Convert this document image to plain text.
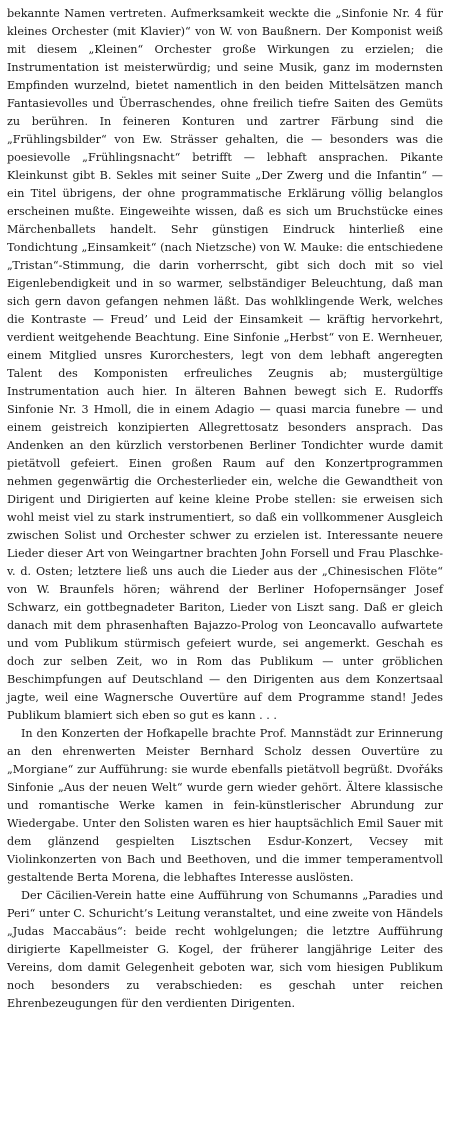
bekannte Namen vertreten. Aufmerksamkeit weckte die „Sinfonie Nr. 4 für kleines Orchester (mit Klavier)“ von W. von Baußnern. Der Komponist weiß mit diesem „Kleinen“ Orchester große Wirkungen zu erzielen; die Instrumentation ist meisterwürdig; und seine Musik, ganz im modernsten Empfinden wurzelnd, bietet namentlich in den beiden Mittelsätzen manch Fantasievolles und Überraschendes, ohne freilich tiefre Saiten des Gemüts zu berühren. In feineren Konturen und zartrer Färbung sind die „Frühlingsbilder“ von Ew. Strässer gehalten, die — besonders was die poesievolle „Frühlingsnacht“ betrifft — lebhaft ansprachen. Pikante Kleinkunst gibt B. Sekles mit seiner Suite „Der Zwerg und die Infantin“ — ein Titel übrigens, der ohne programmatische Erklärung völlig belanglos erscheinen mußte. Eingeweihte wissen, daß es sich um Bruchstücke eines Märchenballets handelt. Sehr günstigen Eindruck hinterließ eine Tondichtung „Einsamkeit“ (nach Nietzsche) von W. Mauke: die entschiedene „Tristan“-Stimmung, die darin vorherrscht, gibt sich doch mit so viel Eigenlebendigkeit und in so warmer, selbständiger Beleuchtung, daß man sich gern davon gefangen nehmen läßt. Das wohlklingende Werk, welches die Kontraste — Freud’ und Leid der Einsamkeit — kräftig hervorkehrt, verdient weitgehende Beachtung. Eine Sinfonie „Herbst“ von E. Wernheuer, einem Mitglied unsres Kurorchesters, legt von dem lebhaft angeregten Talent des Komponisten erfreuliches Zeugnis ab; mustergültige Instrumentation auch hier. In älteren Bahnen bewegt sich E. Rudorffs Sinfonie Nr. 3 Hmoll, die in einem Adagio — quasi marcia funebre — und einem geistreich konzipierten Allegrettosatz besonders ansprach. Das Andenken an den kürzlich verstorbenen Berliner Tondichter wurde damit pietätvoll gefeiert. Einen großen Raum auf den Konzertprogrammen nehmen gegenwärtig die Orchesterlieder ein, welche die Gewandtheit von Dirigent und Dirigierten auf keine kleine Probe stellen: sie erweisen sich wohl meist viel zu stark instrumentiert, so daß ein vollkommener Ausgleich zwischen Solist und Orchester schwer zu erzielen ist. Interessante neuere Lieder dieser Art von Weingartner brachten John Forsell und Frau Plaschke-v. d. Osten; letztere ließ uns auch die Lieder aus der „Chinesischen Flöte“ von W. Braunfels hören; während der Berliner Hofopernsänger Josef Schwarz, ein gottbegnadeter Bariton, Lieder von Liszt sang. Daß er gleich danach mit dem phrasenhaften Bajazzo-Prolog von Leoncavallo aufwartete und vom Publikum stürmisch gefeiert wurde, sei angemerkt. Geschah es doch zur selben Zeit, wo in Rom das Publikum — unter gröblichen Beschimpfungen auf Deutschland — den Dirigenten aus dem Konzertsaal jagte, weil eine Wagnersche Ouvertüre auf dem Programme stand! Jedes Publikum blamiert sich eben so gut es kann . . .

In den Konzerten der Hofkapelle brachte Prof. Mannstädt zur Erinnerung an den ehrenwerten Meister Bernhard Scholz dessen Ouvertüre zu „Morgiane“ zur Aufführung: sie wurde ebenfalls pietätvoll begrüßt. Dvořáks Sinfonie „Aus der neuen Welt“ wurde gern wieder gehört. Ältere klassische und romantische Werke kamen in fein-künstlerischer Abrundung zur Wiedergabe. Unter den Solisten waren es hier hauptsächlich Emil Sauer mit dem glänzend gespielten Lisztschen Esdur-Konzert, Vecsey mit Violinkonzerten von Bach und Beethoven, und die immer temperamentvoll gestaltende Berta Morena, die lebhaftes Interesse auslösten.

Der Cäcilien-Verein hatte eine Aufführung von Schumanns „Paradies und Peri“ unter C. Schuricht’s Leitung veranstaltet, und eine zweite von Händels „Judas Maccabäus“: beide recht wohlgelungen; die letztre Aufführung dirigierte Kapellmeister G. Kogel, der früherer langjährige Leiter des Vereins, dom damit Gelegenheit geboten war, sich vom hiesigen Publikum noch besonders zu verabschieden: es geschah unter reichen Ehrenbezeugungen für den verdienten Dirigenten.
